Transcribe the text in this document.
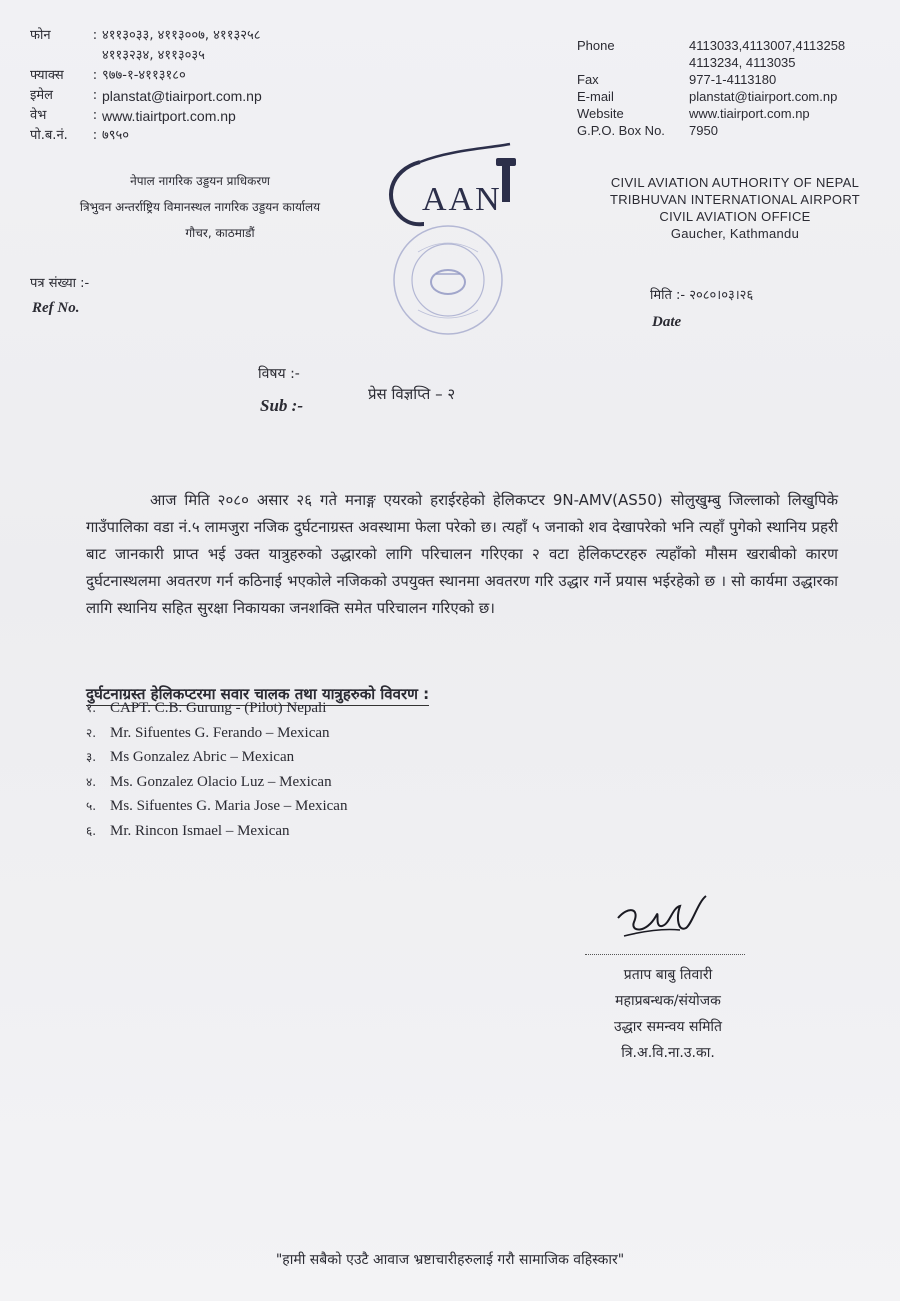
फोन	: ४११३०३३, ४११३००७, ४११३२५८
४११३२३४, ४११३०३५
फ्याक्स	: ९७७-१-४११३१८०
इमेल	: planstat@tiairport.com.np
वेभ	: www.tiairtport.com.np
पो.ब.नं.	: ७९५०
नेपाल नागरिक उड्डयन प्राधिकरण
त्रिभुवन अन्तर्राष्ट्रिय विमानस्थल नागरिक उड्डयन कार्यालय
गौचर, काठमाडौं
AAN
Phone	4113033,4113007,4113258
4113234, 4113035
Fax	977-1-4113180
E-mail	planstat@tiairport.com.np
Website	www.tiairport.com.np
G.P.O. Box No.	7950
CIVIL AVIATION AUTHORITY OF NEPAL
TRIBHUVAN INTERNATIONAL AIRPORT
CIVIL AVIATION OFFICE
Gaucher, Kathmandu
पत्र संख्या :-
Ref No.
मिति :- २०८०।०३।२६
Date
विषय :-
Sub :-
प्रेस विज्ञप्ति – २
आज मिति २०८० असार २६ गते मनाङ्ग एयरको हराईरहेको हेलिकप्टर 9N-AMV(AS50) सोलुखुम्बु जिल्लाको लिखुपिके गाउँपालिका वडा नं.५ लामजुरा नजिक दुर्घटनाग्रस्त अवस्थामा फेला परेको छ। त्यहाँ ५ जनाको शव देखापरेको भनि त्यहाँ पुगेको स्थानिय प्रहरी बाट जानकारी प्राप्त भई उक्त यात्रुहरुको उद्धारको लागि परिचालन गरिएका २ वटा हेलिकप्टरहरु त्यहाँको मौसम खराबीको कारण दुर्घटनास्थलमा अवतरण गर्न कठिनाई भएकोले नजिकको उपयुक्त स्थानमा अवतरण गरि उद्धार गर्ने प्रयास भईरहेको छ । सो कार्यमा उद्धारका लागि स्थानिय सहित सुरक्षा निकायका जनशक्ति समेत परिचालन गरिएको छ।
दुर्घटनाग्रस्त हेलिकप्टरमा सवार चालक तथा यात्रुहरुको विवरण :
१. CAPT. C.B. Gurung - (Pilot) Nepali
२. Mr. Sifuentes G. Ferando – Mexican
३. Ms Gonzalez Abric – Mexican
४. Ms. Gonzalez Olacio Luz – Mexican
५. Ms. Sifuentes G. Maria Jose – Mexican
६. Mr. Rincon Ismael – Mexican
प्रताप बाबु तिवारी
महाप्रबन्धक/संयोजक
उद्धार समन्वय समिति
त्रि.अ.वि.ना.उ.का.
"हामी सबैको एउटै आवाज भ्रष्टाचारीहरुलाई गरौ सामाजिक वहिस्कार"
